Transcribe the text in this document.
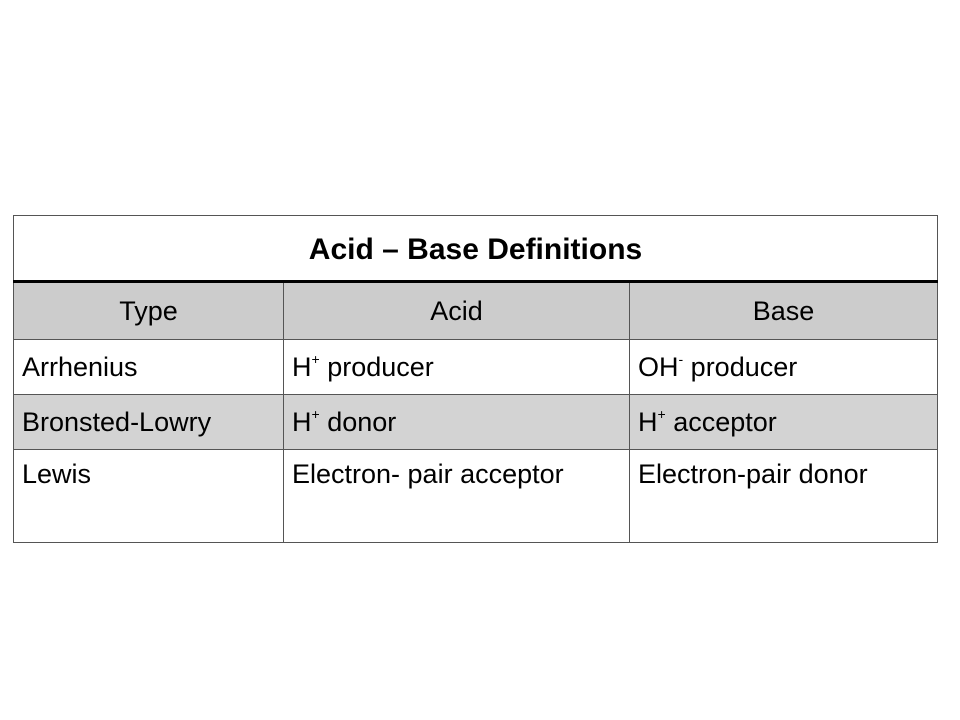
Acid – Base Definitions		
Type	Acid	Base
Arrhenius	H+ producer	OH- producer
Bronsted-Lowry	H+ donor	H+ acceptor
Lewis	Electron- pair acceptor	Electron-pair donor
